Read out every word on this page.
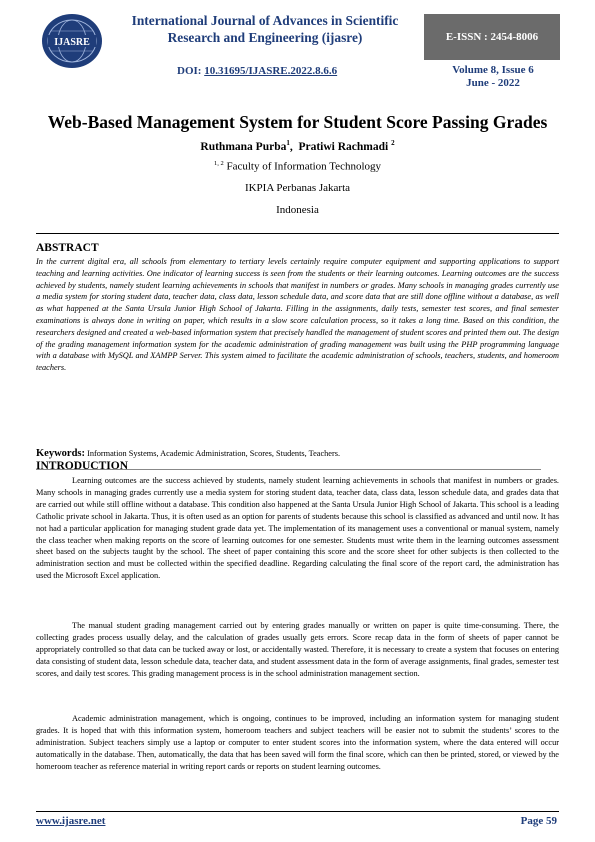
IJASRE
International Journal of Advances in Scientific Research and Engineering (ijasre)	E-ISSN : 2454-8006
DOI: 10.31695/IJASRE.2022.8.6.6	Volume 8, Issue 6
June - 2022
Web-Based Management System for Student Score Passing Grades
Ruthmana Purba$^1$,  Pratiwi Rachmadi $^2$
$^{1, 2}$ Faculty of Information Technology
IKPIA Perbanas Jakarta
Indonesia
ABSTRACT
In the current digital era, all schools from elementary to tertiary levels certainly require computer equipment and supporting applications to support teaching and learning activities. One indicator of learning success is seen from the students or their learning outcomes. Learning outcomes are the success achieved by students, namely student learning achievements in schools that manifest in numbers or grades. Many schools in managing grades currently use a media system for storing student data, teacher data, class data, lesson schedule data, and score data that are still done offline without a database, as well as what happened at the Santa Ursula Junior High School of Jakarta. Filling in the assignments, daily tests, semester test scores, and final semester examinations is always done in writing on paper, which results in a slow score calculation process, so it takes a long time. Based on this condition, the researchers designed and created a web-based information system that precisely handled the management of student scores and printed them out. The design of the grading management information system for the academic administration of grading management was built using the PHP programming language with a database with MySQL and XAMPP Server. This system aimed to facilitate the academic administration of schools, teachers, students, and homeroom teachers.
Keywords: Information Systems, Academic Administration, Scores, Students, Teachers.
INTRODUCTION
Learning outcomes are the success achieved by students, namely student learning achievements in schools that manifest in numbers or grades. Many schools in managing grades currently use a media system for storing student data, teacher data, class data, lesson schedule data, and grades data that are carried out while still offline without a database. This condition also happened at the Santa Ursula Junior High School of Jakarta. This school is a leading Catholic private school in Jakarta. Thus, it is often used as an option for parents of students because this school is classified as advanced and until now. It has not had a particular application for managing student grade data yet. The implementation of its management uses a conventional or manual system, namely the class teacher when making reports on the score of learning outcomes for one semester. Students must write them in the learning outcomes assessment sheet based on the subjects taught by the school. The sheet of paper containing this score and the score sheet for other subjects is then collected to the administration section and must be collected within the specified deadline. Regarding calculating the final score of the report card, the administration has used the Microsoft Excel application.
The manual student grading management carried out by entering grades manually or written on paper is quite time-consuming. There, the collecting grades process usually delay, and the calculation of grades usually gets errors. Score recap data in the form of sheets of paper cannot be appropriately controlled so that data can be tucked away or lost, or accidentally wasted. Therefore, it is necessary to create a system that focuses on entering data consisting of student data, lesson schedule data, teacher data, and student assessment data in the form of average assignments, final grades, semester test scores, and daily test scores. This grading management process is in the school administration management section.
Academic administration management, which is ongoing, continues to be improved, including an information system for managing student grades. It is hoped that with this information system, homeroom teachers and subject teachers will be easier not to submit the students’ scores to the administration. Subject teachers simply use a laptop or computer to enter student scores into the information system, where the data entered will occur automatically in the database. Then, automatically, the data that has been saved will form the final score, which can then be printed, stored, or viewed by the homeroom teacher as reference material in writing report cards or reports on student learning outcomes.
www.ijasre.net	Page 59
